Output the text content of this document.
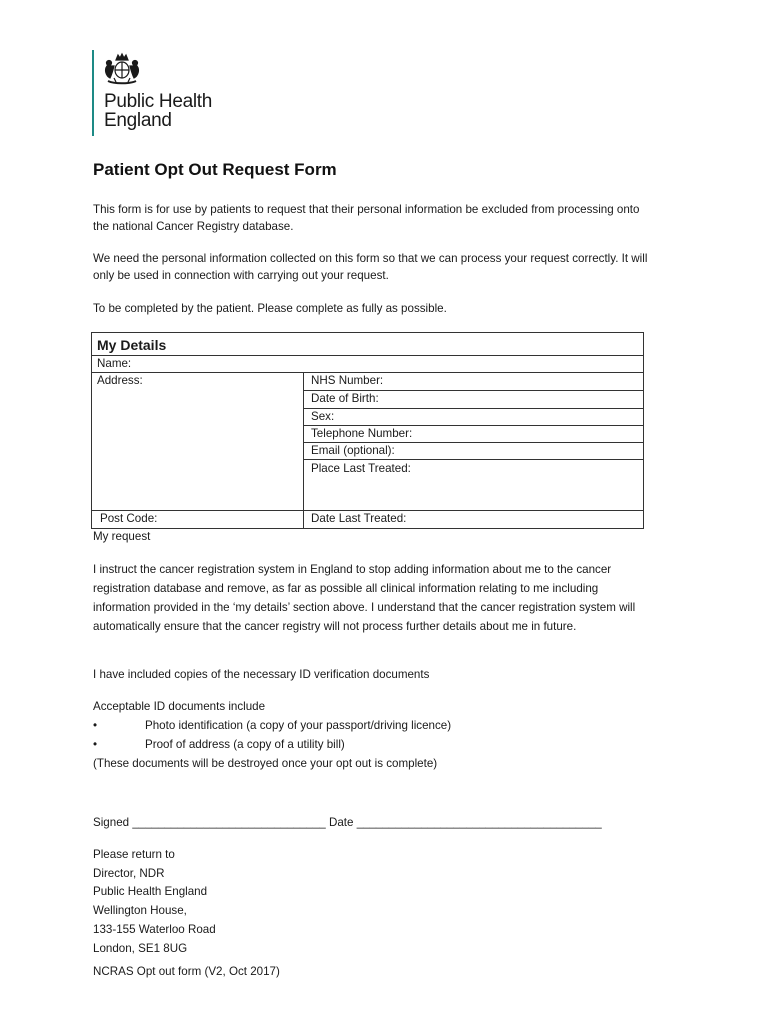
Public Health
England
Patient Opt Out Request Form
This form is for use by patients to request that their personal information be excluded from processing onto the national Cancer Registry database.
We need the personal information collected on this form so that we can process your request correctly. It will only be used in connection with carrying out your request.
To be completed by the patient. Please complete as fully as possible.
My Details
Name:
Address:	NHS Number:
Date of Birth:
Sex:
Telephone Number:
Email (optional):
Place Last Treated:
Post Code:	Date Last Treated:
My request
I instruct the cancer registration system in England to stop adding information about me to the cancer registration database and remove, as far as possible all clinical information relating to me including information provided in the ‘my details’ section above. I understand that the cancer registration system will automatically ensure that the cancer registry will not process further details about me in future.
I have included copies of the necessary ID verification documents
Acceptable ID documents include
•	Photo identification (a copy of your passport/driving licence)
•	Proof of address (a copy of a utility bill)
(These documents will be destroyed once your opt out is complete)
Signed ______________________________ Date ______________________________________
Please return to
Director, NDR
Public Health England
Wellington House,
133-155 Waterloo Road
London, SE1 8UG
NCRAS Opt out form (V2, Oct 2017)
